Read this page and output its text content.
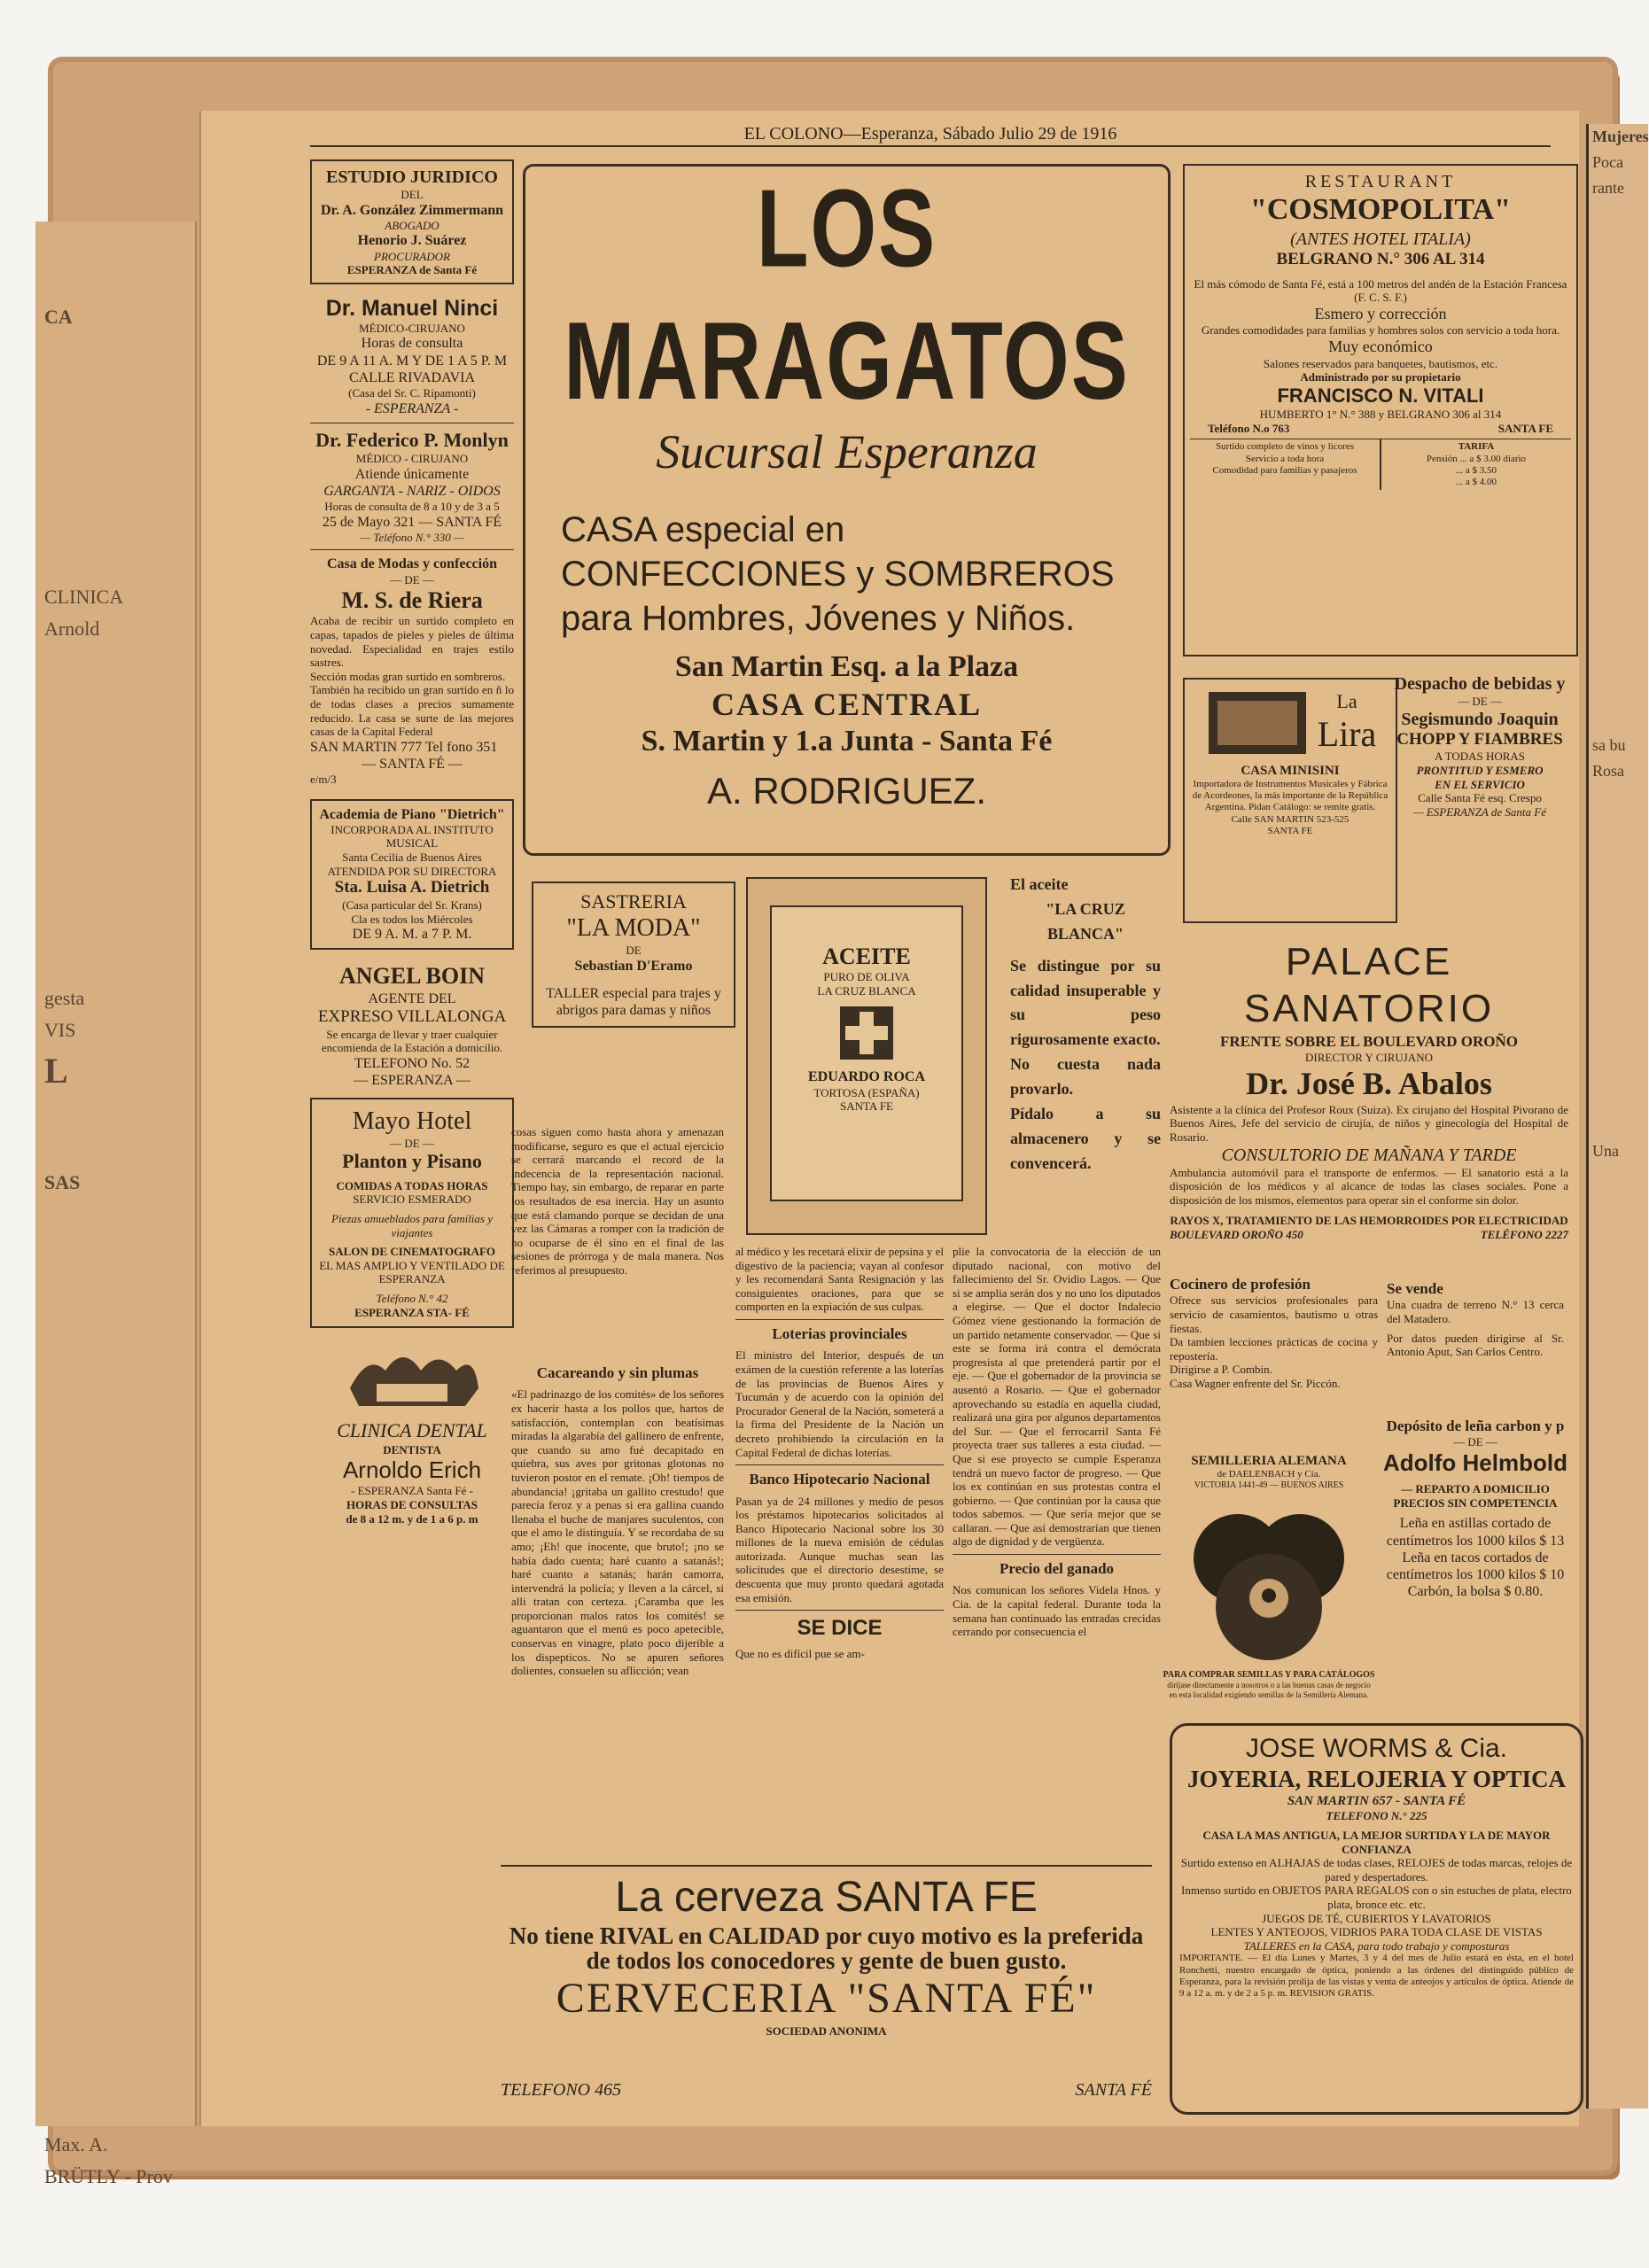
CA
CLINICA
Arnold
gesta
VIS
L
SAS
Max. A.
BRÜTLY - Prov
Mujeres
Poca
rante
sa bu
Rosa
Una
EL COLONO—Esperanza, Sábado Julio 29 de 1916
ESTUDIO JURIDICO
DEL
Dr. A. González Zimmermann
ABOGADO
Henorio J. Suárez
PROCURADOR
ESPERANZA de Santa Fé
Dr. Manuel Ninci
MÉDICO-CIRUJANO
Horas de consulta
DE 9 A 11 A. M Y DE 1 A 5 P. M
CALLE RIVADAVIA
(Casa del Sr. C. Ripamonti)
- ESPERANZA -
Dr. Federico P. Monlyn
MÉDICO - CIRUJANO
Atiende únicamente
GARGANTA - NARIZ - OIDOS
Horas de consulta de 8 a 10 y de 3 a 5
25 de Mayo 321 — SANTA FÉ
— Teléfono N.° 330 —
Casa de Modas y confección
— DE —
M. S. de Riera
Acaba de recibir un surtido completo en capas, tapados de pieles y pieles de última novedad. Especialidad en trajes estilo sastres.
Sección modas gran surtido en sombreros.
También ha recibido un gran surtido en ñ lo de todas clases a precios sumamente reducido. La casa se surte de las mejores casas de la Capital Federal
SAN MARTIN 777 Tel fono 351
— SANTA FÉ —
e/m/3
Academia de Piano "Dietrich"
INCORPORADA AL INSTITUTO MUSICAL
Santa Cecilia de Buenos Aires
ATENDIDA POR SU DIRECTORA
Sta. Luisa A. Dietrich
(Casa particular del Sr. Krans)
Cla es todos los Miércoles
DE 9 A. M. a 7 P. M.
ANGEL BOIN
AGENTE DEL
EXPRESO VILLALONGA
Se encarga de llevar y traer cualquier encomienda de la Estación a domicilio.
TELEFONO No. 52
— ESPERANZA —
Mayo Hotel
— DE —
Planton y Pisano
COMIDAS A TODAS HORAS
SERVICIO ESMERADO
Piezas amueblados para familias y viajantes
SALON DE CINEMATOGRAFO
EL MAS AMPLIO Y VENTILADO DE ESPERANZA
Teléfono N.° 42
ESPERANZA STA- FÉ
CLINICA DENTAL
DENTISTA
Arnoldo Erich
- ESPERANZA Santa Fé -
HORAS DE CONSULTAS
de 8 a 12 m. y de 1 a 6 p. m
LOS MARAGATOS
Sucursal Esperanza
CASA especial en CONFECCIONES y SOMBREROS para Hombres, Jóvenes y Niños.
San Martin Esq. a la Plaza
CASA CENTRAL
S. Martin y 1.a Junta - Santa Fé
A. RODRIGUEZ.
SASTRERIA
"LA MODA"
DE
Sebastian D'Eramo
TALLER especial para trajes y abrigos para damas y niños
ACEITE
PURO DE OLIVA
LA CRUZ BLANCA
EDUARDO ROCA
TORTOSA (ESPAÑA)
SANTA FE
El aceite
"LA CRUZ BLANCA"
Se distingue por su calidad insuperable y su peso rigurosamente exacto.
No cuesta nada provarlo.
Pídalo a su almacenero y se convencerá.
cosas siguen como hasta ahora y amenazan modificarse, seguro es que el actual ejercicio se cerrará marcando el record de la indecencia de la representación nacional. Tiempo hay, sin embargo, de reparar en parte los resultados de esa inercia. Hay un asunto que está clamando porque se decidan de una vez las Cámaras a romper con la tradición de no ocuparse de él sino en el final de las sesiones de prórroga y de mala manera. Nos referimos al presupuesto.
Cacareando y sin plumas
«El padrinazgo de los comités» de los señores ex hacerir hasta a los pollos que, hartos de satisfacción, contemplan con beatísimas miradas la algarabía del gallinero de enfrente, que cuando su amo fué decapitado en quiebra, sus aves por gritonas glotonas no tuvieron postor en el remate. ¡Oh! tiempos de abundancia! ¡gritaba un gallito crestudo! que parecía feroz y a penas si era gallina cuando llenaba el buche de manjares suculentos, con que el amo le distinguía. Y se recordaba de su amo; ¡Eh! que inocente, que bruto!; ¡no se había dado cuenta; haré cuanto a satanás!; haré cuanto a satanás; harán camorra, intervendrá la policía; y lleven a la cárcel, si alli tratan con certeza. ¡Caramba que les proporcionan malos ratos los comités! se aguantaron que el menú es poco apetecible, conservas en vinagre, plato poco dijerible a los dispepticos. No se apuren señores dolientes, consuelen su aflicción; vean
al médico y les recetará elixir de pepsina y el digestivo de la paciencia; vayan al confesor y les recomendará Santa Resignación y las consiguientes oraciones, para que se comporten en la expiación de sus culpas.
Loterias provinciales
El ministro del Interior, después de un exámen de la cuestión referente a las loterías de las provincias de Buenos Aires y Tucumán y de acuerdo con la opinión del Procurador General de la Nación, someterá a la firma del Presidente de la Nación un decreto prohibiendo la circulación en la Capital Federal de dichas loterías.
Banco Hipotecario Nacional
Pasan ya de 24 millones y medio de pesos los préstamos hipotecarios solicitados al Banco Hipotecario Nacional sobre los 30 millones de la nueva emisión de cédulas autorizada. Aunque muchas sean las solicitudes que el directorio desestime, se descuenta que muy pronto quedará agotada esa emisión.
SE DICE
Que no es difícil pue se am-
plie la convocatoria de la elección de un diputado nacional, con motivo del fallecimiento del Sr. Ovidio Lagos. — Que si se amplia serán dos y no uno los diputados a elegirse. — Que el doctor Indalecio Gómez viene gestionando la formación de un partido netamente conservador. — Que si este se forma irá contra el demócrata progresista al que pretenderá partir por el eje. — Que el gobernador de la provincia se ausentó a Rosario. — Que el gobernador aprovechando su estadía en aquella ciudad, realizará una gira por algunos departamentos del Sur. — Que el ferrocarril Santa Fé proyecta traer sus talleres a esta ciudad. — Que si ese proyecto se cumple Esperanza tendrá un nuevo factor de progreso. — Que los ex continúan en sus protestas contra el gobierno. — Que continúan por la causa que todos sabemos. — Que sería mejor que se callaran. — Que así demostrarían que tienen algo de dignidad y de vergüenza.
Precio del ganado
Nos comunican los señores Videla Hnos. y Cia. de la capital federal. Durante toda la semana han continuado las entradas crecidas cerrando por consecuencia el
La cerveza SANTA FE
No tiene RIVAL en CALIDAD por cuyo motivo es la preferida de todos los conocedores y gente de buen gusto.
CERVECERIA "SANTA FÉ"
SOCIEDAD ANONIMA
TELEFONO 465	SANTA FÉ
RESTAURANT
"COSMOPOLITA"
(ANTES HOTEL ITALIA)
BELGRANO N.° 306 AL 314
El más cómodo de Santa Fé, está a 100 metros del andén de la Estación Francesa (F. C. S. F.)
Esmero y corrección
Grandes comodidades para familias y hombres solos con servicio a toda hora.
Muy económico
Salones reservados para banquetes, bautismos, etc.
Administrado por su propietario
FRANCISCO N. VITALI
HUMBERTO 1° N.° 388 y BELGRANO 306 al 314
Teléfono N.o 763	SANTA FE
Surtido completo de vinos y licores
Servicio a toda hora
Comodidad para familias y pasajeros
TARIFA
Pensión ... a $ 3.00 diario
... a $ 3.50
... a $ 4.00
La
Lira
CASA MINISINI
Importadora de Instrumentos Musicales y Fábrica de Acordeones, la más importante de la República Argentina. Pidan Catálogo: se remite gratis.
Calle SAN MARTIN 523-525
SANTA FE
Despacho de bebidas y
— DE —
Segismundo Joaquin
CHOPP Y FIAMBRES
A TODAS HORAS
PRONTITUD Y ESMERO
EN EL SERVICIO
Calle Santa Fé esq. Crespo
— ESPERANZA de Santa Fé
PALACE SANATORIO
FRENTE SOBRE EL BOULEVARD OROÑO
DIRECTOR Y CIRUJANO
Dr. José B. Abalos
Asistente a la clínica del Profesor Roux (Suiza). Ex cirujano del Hospital Pivorano de Buenos Aires, Jefe del servicio de cirujía, de niños y ginecología del Hospital de Rosario.
CONSULTORIO DE MAÑANA Y TARDE
Ambulancia automóvil para el transporte de enfermos. — El sanatorio está a la disposición de los médicos y al alcance de todas las clases sociales. Pone a disposición de los mismos, elementos para operar sin el conforme sin dolor.
RAYOS X, TRATAMIENTO DE LAS HEMORROIDES POR ELECTRICIDAD
BOULEVARD OROÑO 450	TELÉFONO 2227
Cocinero de profesión
Ofrece sus servicios profesionales para servicio de casamientos, bautismo u otras fiestas.
Da tambien lecciones prácticas de cocina y repostería.
Dirigirse a P. Combin.
Casa Wagner enfrente del Sr. Piccón.
Se vende
Una cuadra de terreno N.° 13 cerca del Matadero.
Por datos pueden dirigirse al Sr. Antonio Aput, San Carlos Centro.
SEMILLERIA ALEMANA
de DAELENBACH y Cía.
VICTORIA 1441-49 — BUENOS AIRES
PARA COMPRAR SEMILLAS Y PARA CATÁLOGOS
diríjase directamente a nosotros o a las buenas casas de negocio en esta localidad exigiendo semillas de la Semillería Alemana.
Depósito de leña carbon y p
— DE —
Adolfo Helmbold
— REPARTO A DOMICILIO
PRECIOS SIN COMPETENCIA
Leña en astillas cortado de
centímetros los 1000 kilos $ 13
Leña en tacos cortados de
centímetros los 1000 kilos $ 10
Carbón, la bolsa $ 0.80.
JOSE WORMS & Cia.
JOYERIA, RELOJERIA Y OPTICA
SAN MARTIN 657 - SANTA FÉ
TELEFONO N.° 225
CASA LA MAS ANTIGUA, LA MEJOR SURTIDA Y LA DE MAYOR CONFIANZA
Surtido extenso en ALHAJAS de todas clases, RELOJES de todas marcas, relojes de pared y despertadores.
Inmenso surtido en OBJETOS PARA REGALOS con o sin estuches de plata, electro plata, bronce etc. etc.
JUEGOS DE TÉ, CUBIERTOS Y LAVATORIOS
LENTES Y ANTEOJOS, VIDRIOS PARA TODA CLASE DE VISTAS
TALLERES en la CASA, para todo trabajo y composturas
IMPORTANTE. — El día Lunes y Martes, 3 y 4 del mes de Julio estará en ésta, en el hotel Ronchetti, nuestro encargado de óptica, poniendo a las órdenes del distinguido público de Esperanza, para la revisión prolija de las vistas y venta de anteojos y artículos de óptica. Atiende de 9 a 12 a. m. y de 2 a 5 p. m. REVISION GRATIS.
